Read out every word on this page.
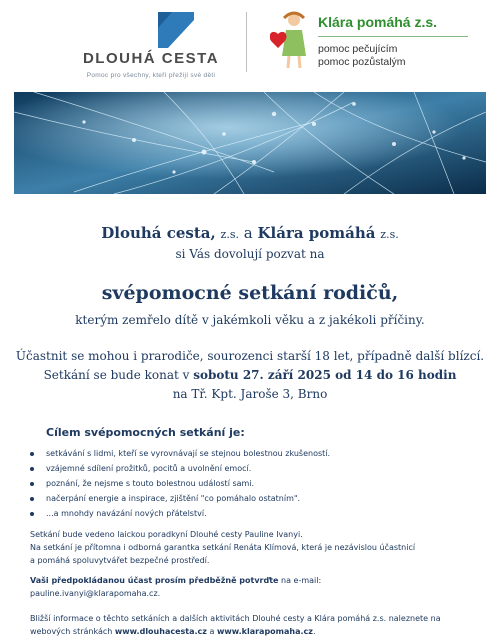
DLOUHÁ CESTA
Pomoc pro všechny, kteří přežijí své děti
Klára pomáhá z.s.
pomoc pečujícím
pomoc pozůstalým
Dlouhá cesta, z.s. a Klára pomáhá z.s.
si Vás dovolují pozvat na
svépomocné setkání rodičů,
kterým zemřelo dítě v jakémkoli věku a z jakékoli příčiny.
Účastnit se mohou i prarodiče, sourozenci starší 18 let, případně další blízcí.
Setkání se bude konat v sobotu 27. září 2025 od 14 do 16 hodin
na Tř. Kpt. Jaroše 3, Brno
Cílem svépomocných setkání je:
setkávání s lidmi, kteří se vyrovnávají se stejnou bolestnou zkušeností.
vzájemné sdílení prožitků, pocitů a uvolnění emocí.
poznání, že nejsme s touto bolestnou událostí sami.
načerpání energie a inspirace, zjištění "co pomáhalo ostatním".
...a mnohdy navázání nových přátelství.
Setkání bude vedeno laickou poradkyní Dlouhé cesty Pauline Ivanyi.
Na setkání je přítomna i odborná garantka setkání Renáta Klímová, která je nezávislou účastnicí
a pomáhá spoluvytvářet bezpečné prostředí.
Vaši předpokládanou účast prosím předběžně potvrďte na e-mail:
pauline.ivanyi@klarapomaha.cz.
Bližší informace o těchto setkáních a dalších aktivitách Dlouhé cesty a Klára pomáhá z.s. naleznete na
webových stránkách www.dlouhacesta.cz a www.klarapomaha.cz.
